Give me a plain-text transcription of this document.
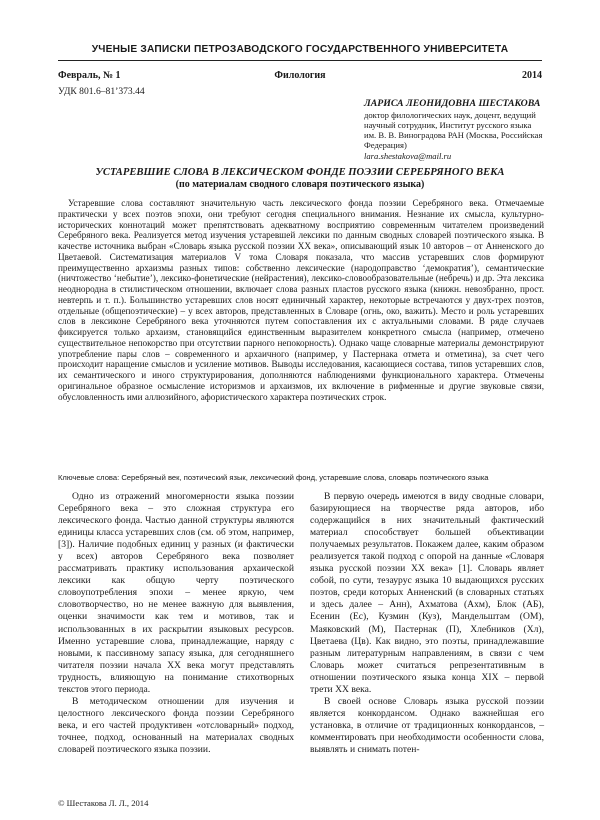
УЧЕНЫЕ ЗАПИСКИ ПЕТРОЗАВОДСКОГО ГОСУДАРСТВЕННОГО УНИВЕРСИТЕТА
Февраль, № 1	Филология	2014
УДК 801.6–81’373.44
ЛАРИСА ЛЕОНИДОВНА ШЕСТАКОВА
доктор филологических наук, доцент, ведущий научный сотрудник, Институт русского языка им. В. В. Виноградова РАН (Москва, Российская Федерация)
lara.shestakova@mail.ru
УСТАРЕВШИЕ СЛОВА В ЛЕКСИЧЕСКОМ ФОНДЕ ПОЭЗИИ СЕРЕБРЯНОГО ВЕКА
(по материалам сводного словаря поэтического языка)

Устаревшие слова составляют значительную часть лексического фонда поэзии Серебряного века. Отмечаемые практически у всех поэтов эпохи, они требуют сегодня специального внимания. Незнание их смысла, культурно-исторических коннотаций может препятствовать адекватному восприятию современным читателем произведений Серебряного века. Реализуется метод изучения устаревшей лексики по данным сводных словарей поэтического языка. В качестве источника выбран «Словарь языка русской поэзии XX века», описывающий язык 10 авторов – от Анненского до Цветаевой. Систематизация материалов V тома Словаря показала, что массив устаревших слов формируют преимущественно архаизмы разных типов: собственно лексические (народоправство ‘демократия’), семантические (ничтожество ‘небытие’), лексико-фонетические (нейрастения), лексико-словообразовательные (небречь) и др. Эта лексика неоднородна в стилистическом отношении, включает слова разных пластов русского языка (книжн. невозбранно, прост. невтерпь и т. п.). Большинство устаревших слов носят единичный характер, некоторые встречаются у двух-трех поэтов, отдельные (общепоэтические) – у всех авторов, представленных в Словаре (огнь, око, важить). Место и роль устаревших слов в лексиконе Серебряного века уточняются путем сопоставления их с актуальными словами. В ряде случаев фиксируется только архаизм, становящийся единственным выразителем конкретного смысла (например, отмечено существительное непокорство при отсутствии парного непокорность). Однако чаще словарные материалы демонстрируют употребление пары слов – современного и архаичного (например, у Пастернака отмета и отметина), за счет чего происходит наращение смыслов и усиление мотивов. Выводы исследования, касающиеся состава, типов устаревших слов, их семантического и иного структурирования, дополняются наблюдениями функционального характера. Отмечены оригинальное образное осмысление историзмов и архаизмов, их включение в рифменные и другие звуковые связи, обусловленность ими аллюзийного, афористического характера поэтических строк.

Ключевые слова: Серебряный век, поэтический язык, лексический фонд, устаревшие слова, словарь поэтического языка

Одно из отражений многомерности языка поэзии Серебряного века – это сложная структура его лексического фонда. Частью данной структуры являются единицы класса устаревших слов (см. об этом, например, [3]). Наличие подобных единиц у разных (и фактически у всех) авторов Серебряного века позволяет рассматривать практику использования архаической лексики как общую черту поэтического словоупотребления эпохи – менее яркую, чем словотворчество, но не менее важную для выявления, оценки значимости как тем и мотивов, так и использованных в их раскрытии языковых ресурсов. Именно устаревшие слова, принадлежащие, наряду с новыми, к пассивному запасу языка, для сегодняшнего читателя поэзии начала XX века могут представлять трудность, влияющую на понимание стихотворных текстов этого периода.

В методическом отношении для изучения и целостного лексического фонда поэзии Серебряного века, и его частей продуктивен «отсловарный» подход, точнее, подход, основанный на материалах сводных словарей поэтического языка поэзии.

В первую очередь имеются в виду сводные словари, базирующиеся на творчестве ряда авторов, ибо содержащийся в них значительный фактический материал способствует большей объективации получаемых результатов. Покажем далее, каким образом реализуется такой подход с опорой на данные «Словаря языка русской поэзии XX века» [1]. Словарь являет собой, по сути, тезаурус языка 10 выдающихся русских поэтов, среди которых Анненский (в словарных статьях и здесь далее – Анн), Ахматова (Ахм), Блок (АБ), Есенин (Ес), Кузмин (Куз), Мандельштам (ОМ), Маяковский (М), Пастернак (П), Хлебников (Хл), Цветаева (Цв). Как видно, это поэты, принадлежавшие разным литературным направлениям, в связи с чем Словарь может считаться репрезентативным в отношении поэтического языка конца XIX – первой трети XX века.

В своей основе Словарь языка русской поэзии является конкордансом. Однако важнейшая его установка, в отличие от традиционных конкордансов, – комментировать при необходимости особенности слова, выявлять и снимать потен-

© Шестакова Л. Л., 2014
